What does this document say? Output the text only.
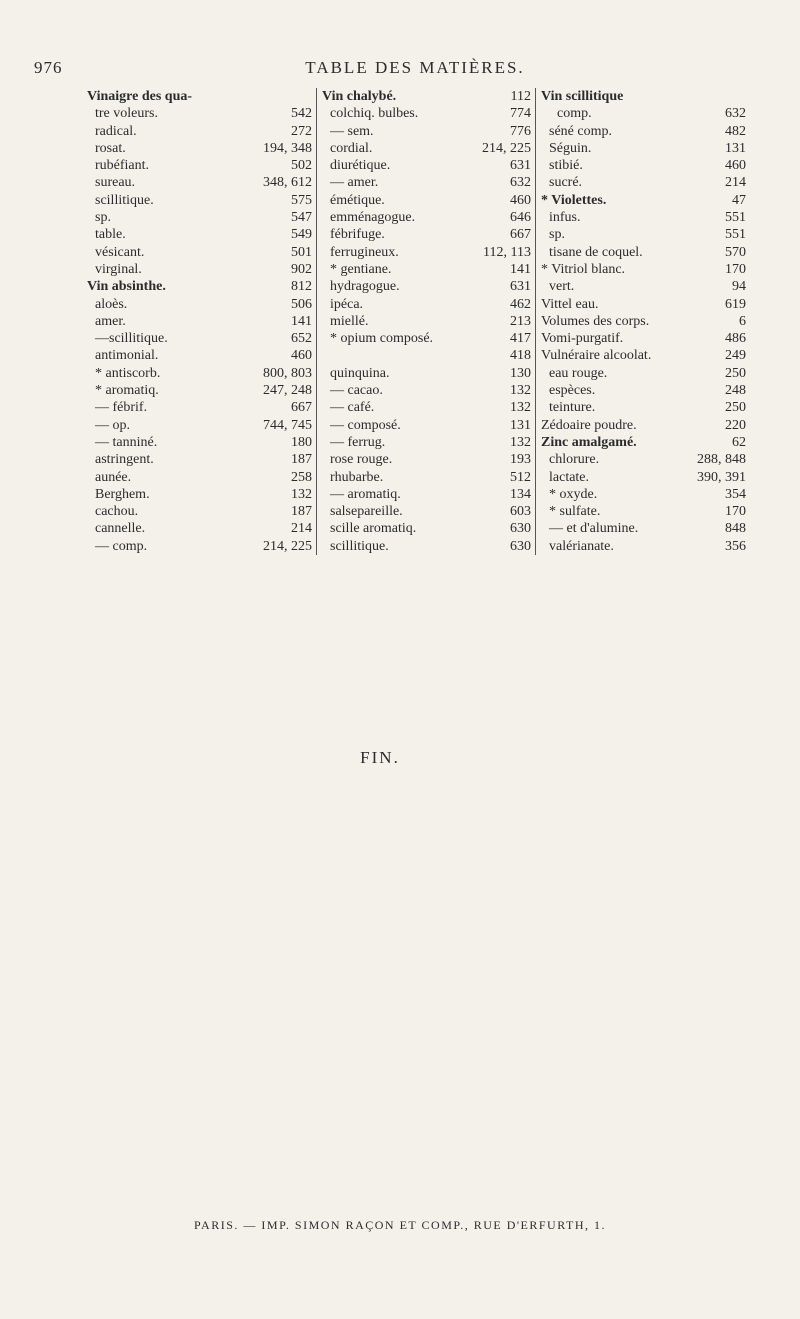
976	TABLE DES MATIÈRES.
Vinaigre des qua-
tre voleurs.	542
radical.	272
rosat.	194, 348
rubéfiant.	502
sureau.	348, 612
scillitique.	575
sp.	547
table.	549
vésicant.	501
virginal.	902
Vin absinthe.	812
aloès.	506
amer.	141
—scillitique.	652
antimonial.	460
* antiscorb.	800, 803
* aromatiq.	247, 248
— fébrif.	667
— op.	744, 745
— tanniné.	180
astringent.	187
aunée.	258
Berghem.	132
cachou.	187
cannelle.	214
— comp.	214, 225
Vin chalybé.	112
colchiq. bulbes.	774
— sem.	776
cordial.	214, 225
diurétique.	631
— amer.	632
émétique.	460
emménagogue.	646
fébrifuge.	667
ferrugineux.	112, 113
* gentiane.	141
hydragogue.	631
ipéca.	462
miellé.	213
* opium composé.	417
418
quinquina.	130
— cacao.	132
— café.	132
— composé.	131
— ferrug.	132
rose rouge.	193
rhubarbe.	512
— aromatiq.	134
salsepareille.	603
scille aromatiq.	630
scillitique.	630
Vin scillitique
comp.	632
séné comp.	482
Séguin.	131
stibié.	460
sucré.	214
* Violettes.	47
infus.	551
sp.	551
tisane de coquel.	570
* Vitriol blanc.	170
vert.	94
Vittel eau.	619
Volumes des corps.	6
Vomi-purgatif.	486
Vulnéraire alcoolat.	249
eau rouge.	250
espèces.	248
teinture.	250
Zédoaire poudre.	220
Zinc amalgamé.	62
chlorure.	288, 848
lactate.	390, 391
* oxyde.	354
* sulfate.	170
— et d'alumine.	848
valérianate.	356
FIN.
PARIS. — IMP. SIMON RAÇON ET COMP., RUE D'ERFURTH, 1.
